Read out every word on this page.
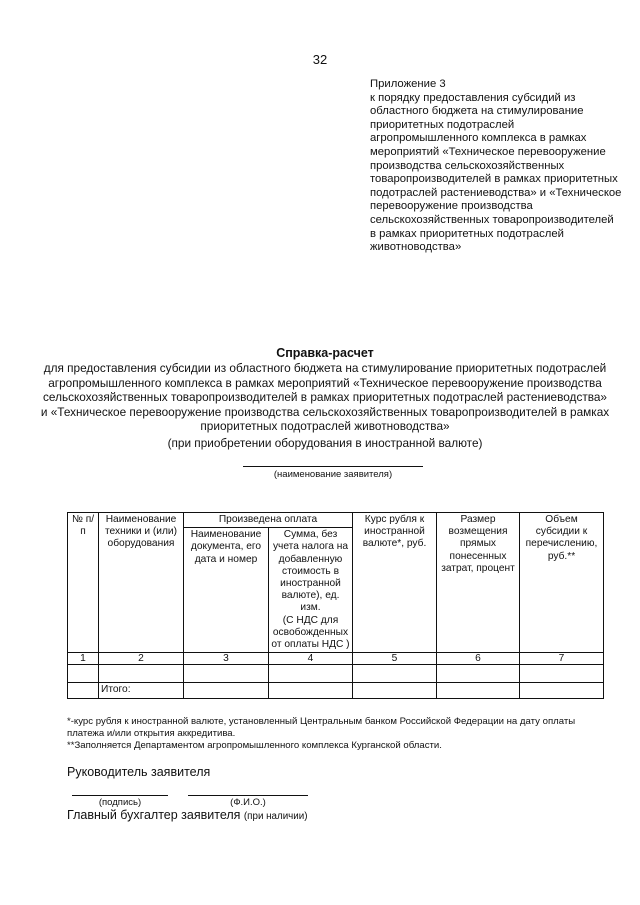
32
Приложение 3
к порядку предоставления субсидий из областного бюджета на стимулирование приоритетных подотраслей агропромышленного комплекса в рамках мероприятий «Техническое перевооружение производства сельскохозяйственных товаропроизводителей в рамках приоритетных подотраслей растениеводства» и «Техническое перевооружение производства сельскохозяйственных товаропроизводителей в рамках приоритетных подотраслей животноводства»
Справка-расчет
для предоставления субсидии из областного бюджета на стимулирование приоритетных подотраслей агропромышленного комплекса в рамках мероприятий «Техническое перевооружение производства сельскохозяйственных товаропроизводителей в рамках приоритетных подотраслей растениеводства» и «Техническое перевооружение производства сельскохозяйственных товаропроизводителей в рамках приоритетных подотраслей животноводства»
(при приобретении оборудования в иностранной валюте)
(наименование заявителя)
№ п/п	Наименование техники и (или) оборудования	Произведена оплата		Курс рубля к иностранной валюте*, руб.	Размер возмещения прямых понесенных затрат, процент	Объем субсидии к перечислению, руб.**
		Наименование документа, его дата и номер	Сумма, без учета налога на добавленную стоимость в иностранной валюте), ед. изм.
(С НДС для освобожденных от оплаты НДС )			
1	2	3	4	5	6	7

	Итого:					
*-курс рубля к иностранной валюте, установленный Центральным банком Российской Федерации на дату оплаты платежа и/или открытия аккредитива.
**Заполняется Департаментом агропромышленного комплекса Курганской области.
Руководитель заявителя
(подпись)	(Ф.И.О.)
Главный бухгалтер заявителя (при наличии)
